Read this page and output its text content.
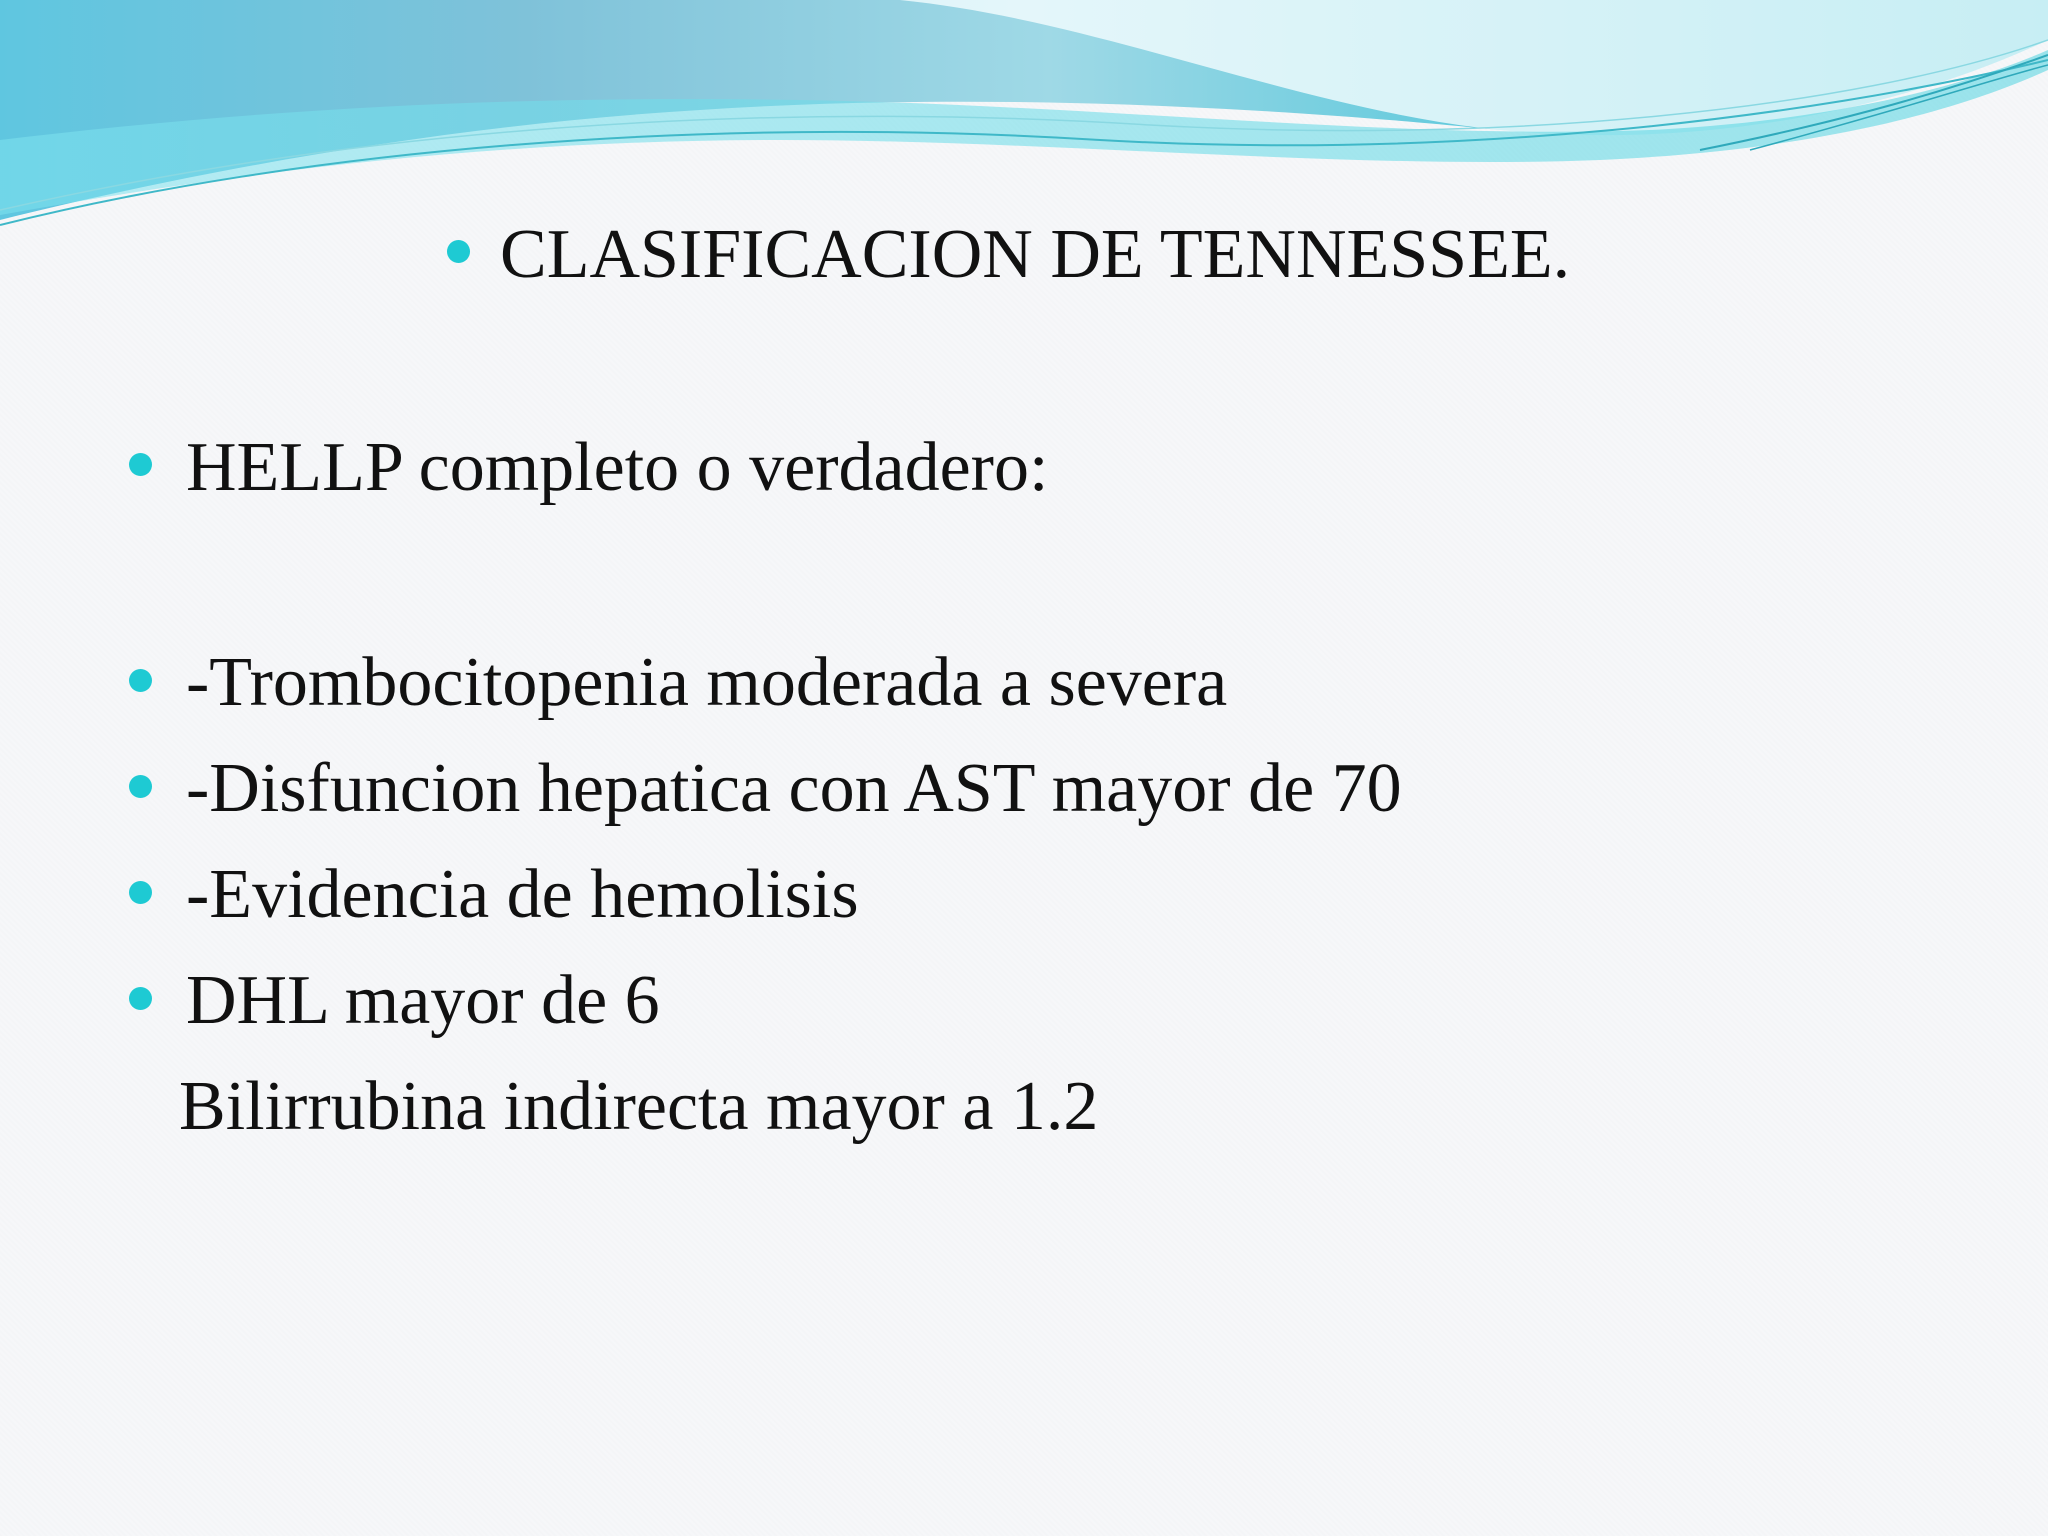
CLASIFICACION DE TENNESSEE.
HELLP completo o verdadero:
-Trombocitopenia moderada a severa
-Disfuncion hepatica con AST mayor de 70
-Evidencia de hemolisis
DHL mayor de 6
Bilirrubina indirecta mayor a 1.2
